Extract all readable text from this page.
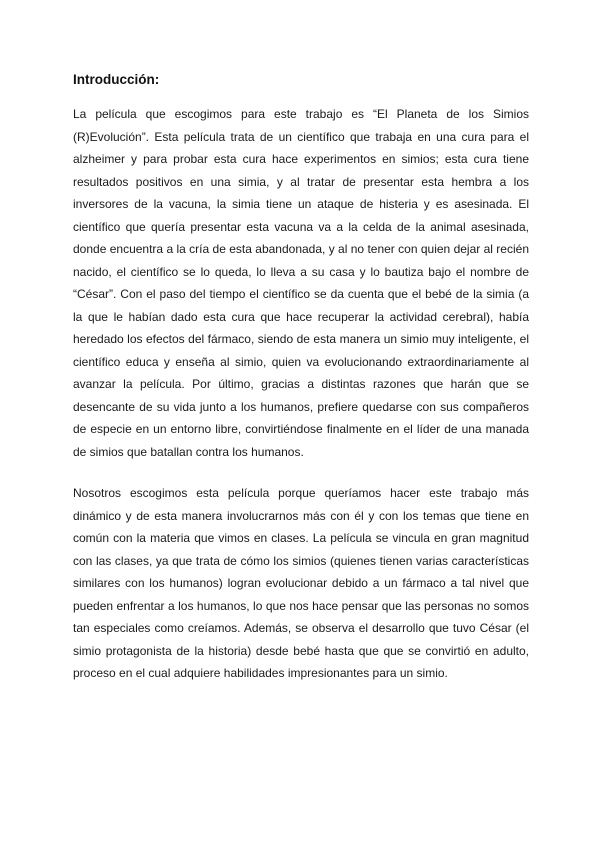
Introducción:

La película que escogimos para este trabajo es “El Planeta de los Simios (R)Evolución”. Esta película trata de un científico que trabaja en una cura para el alzheimer y para probar esta cura hace experimentos en simios; esta cura tiene resultados positivos en una simia, y al tratar de presentar esta hembra a los inversores de la vacuna, la simia tiene un ataque de histeria y es asesinada. El científico que quería presentar esta vacuna va a la celda de la animal asesinada, donde encuentra a la cría de esta abandonada, y al no tener con quien dejar al recién nacido, el científico se lo queda, lo lleva a su casa y lo bautiza bajo el nombre de “César”. Con el paso del tiempo el científico se da cuenta que el bebé de la simia (a la que le habían dado esta cura que hace recuperar la actividad cerebral), había heredado los efectos del fármaco, siendo de esta manera un simio muy inteligente, el científico educa y enseña al simio, quien va evolucionando extraordinariamente al avanzar la película. Por último, gracias a distintas razones que harán que se desencante de su vida junto a los humanos, prefiere quedarse con sus compañeros de especie en un entorno libre, convirtiéndose finalmente en el líder de una manada de simios que batallan contra los humanos.

Nosotros escogimos esta película porque queríamos hacer este trabajo más dinámico y de esta manera involucrarnos más con él y con los temas que tiene en común con la materia que vimos en clases. La película se vincula en gran magnitud con las clases, ya que trata de cómo los simios (quienes tienen varias características similares con los humanos) logran evolucionar debido a un fármaco a tal nivel que pueden enfrentar a los humanos, lo que nos hace pensar que las personas no somos tan especiales como creíamos. Además, se observa el desarrollo que tuvo César (el simio protagonista de la historia) desde bebé hasta que que se convirtió en adulto, proceso en el cual adquiere habilidades impresionantes para un simio.
